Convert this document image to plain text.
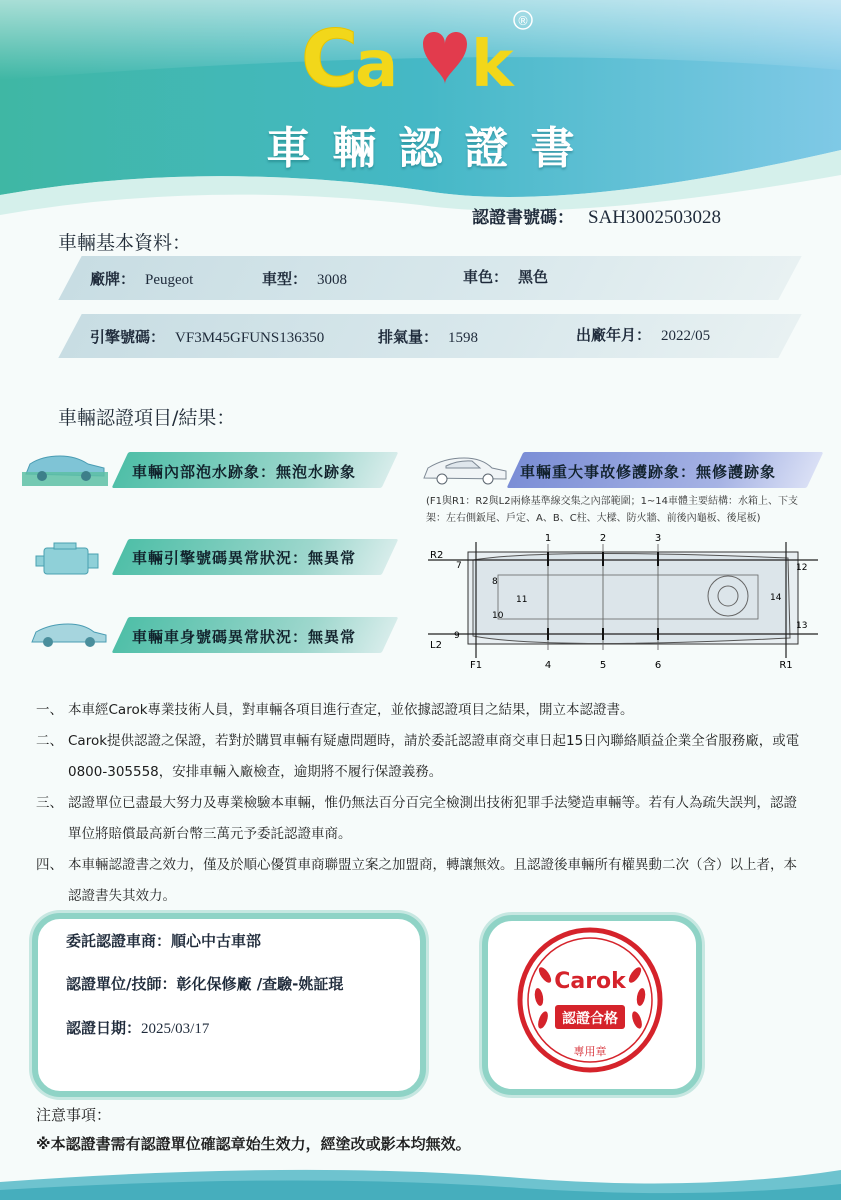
C
a k
®
車輛認證書
認證書號碼： SAH3002503028
車輛基本資料：
廠牌： Peugeot	車型： 3008	車色： 黑色
引擎號碼： VF3M45GFUNS136350	排氣量： 1598	出廠年月： 2022/05
車輛認證項目/結果：
車輛內部泡水跡象：無泡水跡象
車輛引擎號碼異常狀況：無異常
車輛車身號碼異常狀況：無異常
車輛重大事故修護跡象：無修護跡象
(F1與R1：R2與L2兩條基準線交集之內部範圍；1~14車體主要結構：水箱上、下支架：左右側鈑尾、戶定、A、B、C柱、大樑、防火牆、前後內龜板、後尾板)
1	2	3
F1	4	5	6	R1
R2
L2
7
8
9
10
11
12
13
14
一、 本車經Carok專業技術人員，對車輛各項目進行查定，並依據認證項目之結果，開立本認證書。
二、 Carok提供認證之保證，若對於購買車輛有疑慮問題時，請於委託認證車商交車日起15日內聯絡順益企業全省服務廠，或電0800-305558，安排車輛入廠檢查，逾期將不履行保證義務。
三、 認證單位已盡最大努力及專業檢驗本車輛，惟仍無法百分百完全檢測出技術犯罪手法變造車輛等。若有人為疏失誤判，認證單位將賠償最高新台幣三萬元予委託認證車商。
四、 本車輛認證書之效力，僅及於順心優質車商聯盟立案之加盟商，轉讓無效。且認證後車輛所有權異動二次（含）以上者，本認證書失其效力。
委託認證車商：順心中古車部
認證單位/技師：彰化保修廠 /查驗-姚証琨
認證日期：2025/03/17
Carok
認證合格
專用章
注意事項：
※本認證書需有認證單位確認章始生效力，經塗改或影本均無效。
